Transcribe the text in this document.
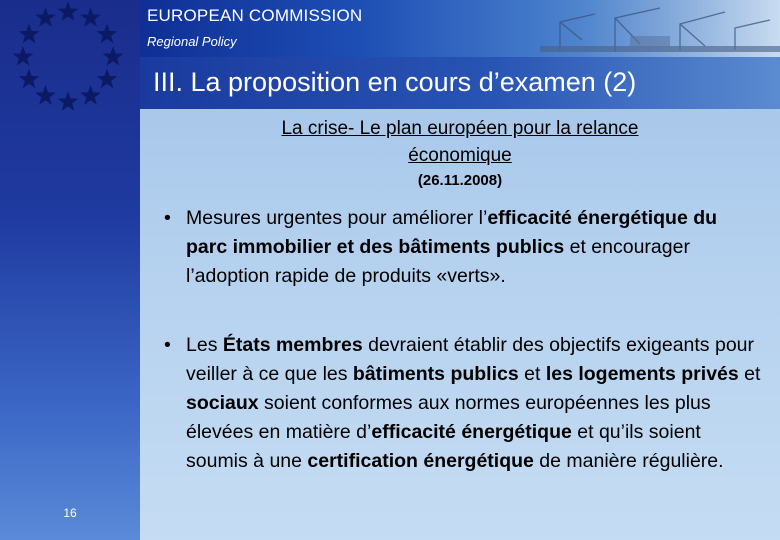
16
EUROPEAN COMMISSION
Regional Policy
III. La proposition en cours d’examen (2)
La crise- Le plan européen pour la relance
économique
(26.11.2008)
• Mesures urgentes pour améliorer l’efficacité énergétique du parc immobilier et des bâtiments publics et encourager l’adoption rapide de produits «verts».
• Les États membres devraient établir des objectifs exigeants pour veiller à ce que les bâtiments publics et les logements privés et sociaux soient conformes aux normes européennes les plus élevées en matière d’efficacité énergétique et qu’ils soient soumis à une certification énergétique de manière régulière.
